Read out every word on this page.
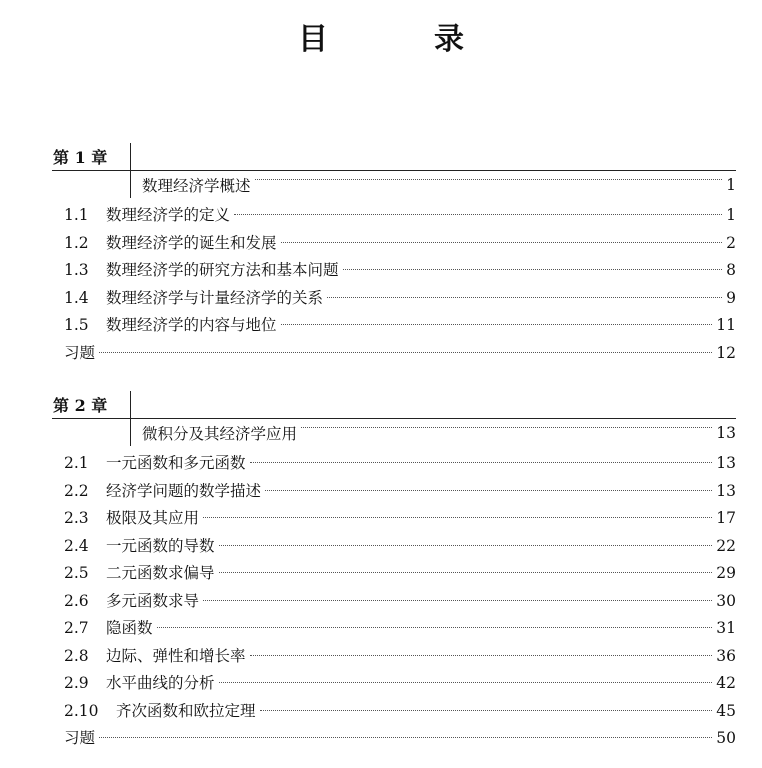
目　录
第 1 章
数理经济学概述	1
1.1	数理经济学的定义	1
1.2	数理经济学的诞生和发展	2
1.3	数理经济学的研究方法和基本问题	8
1.4	数理经济学与计量经济学的关系	9
1.5	数理经济学的内容与地位	11
习题	12
第 2 章
微积分及其经济学应用	13
2.1	一元函数和多元函数	13
2.2	经济学问题的数学描述	13
2.3	极限及其应用	17
2.4	一元函数的导数	22
2.5	二元函数求偏导	29
2.6	多元函数求导	30
2.7	隐函数	31
2.8	边际、弹性和增长率	36
2.9	水平曲线的分析	42
2.10	齐次函数和欧拉定理	45
习题	50
